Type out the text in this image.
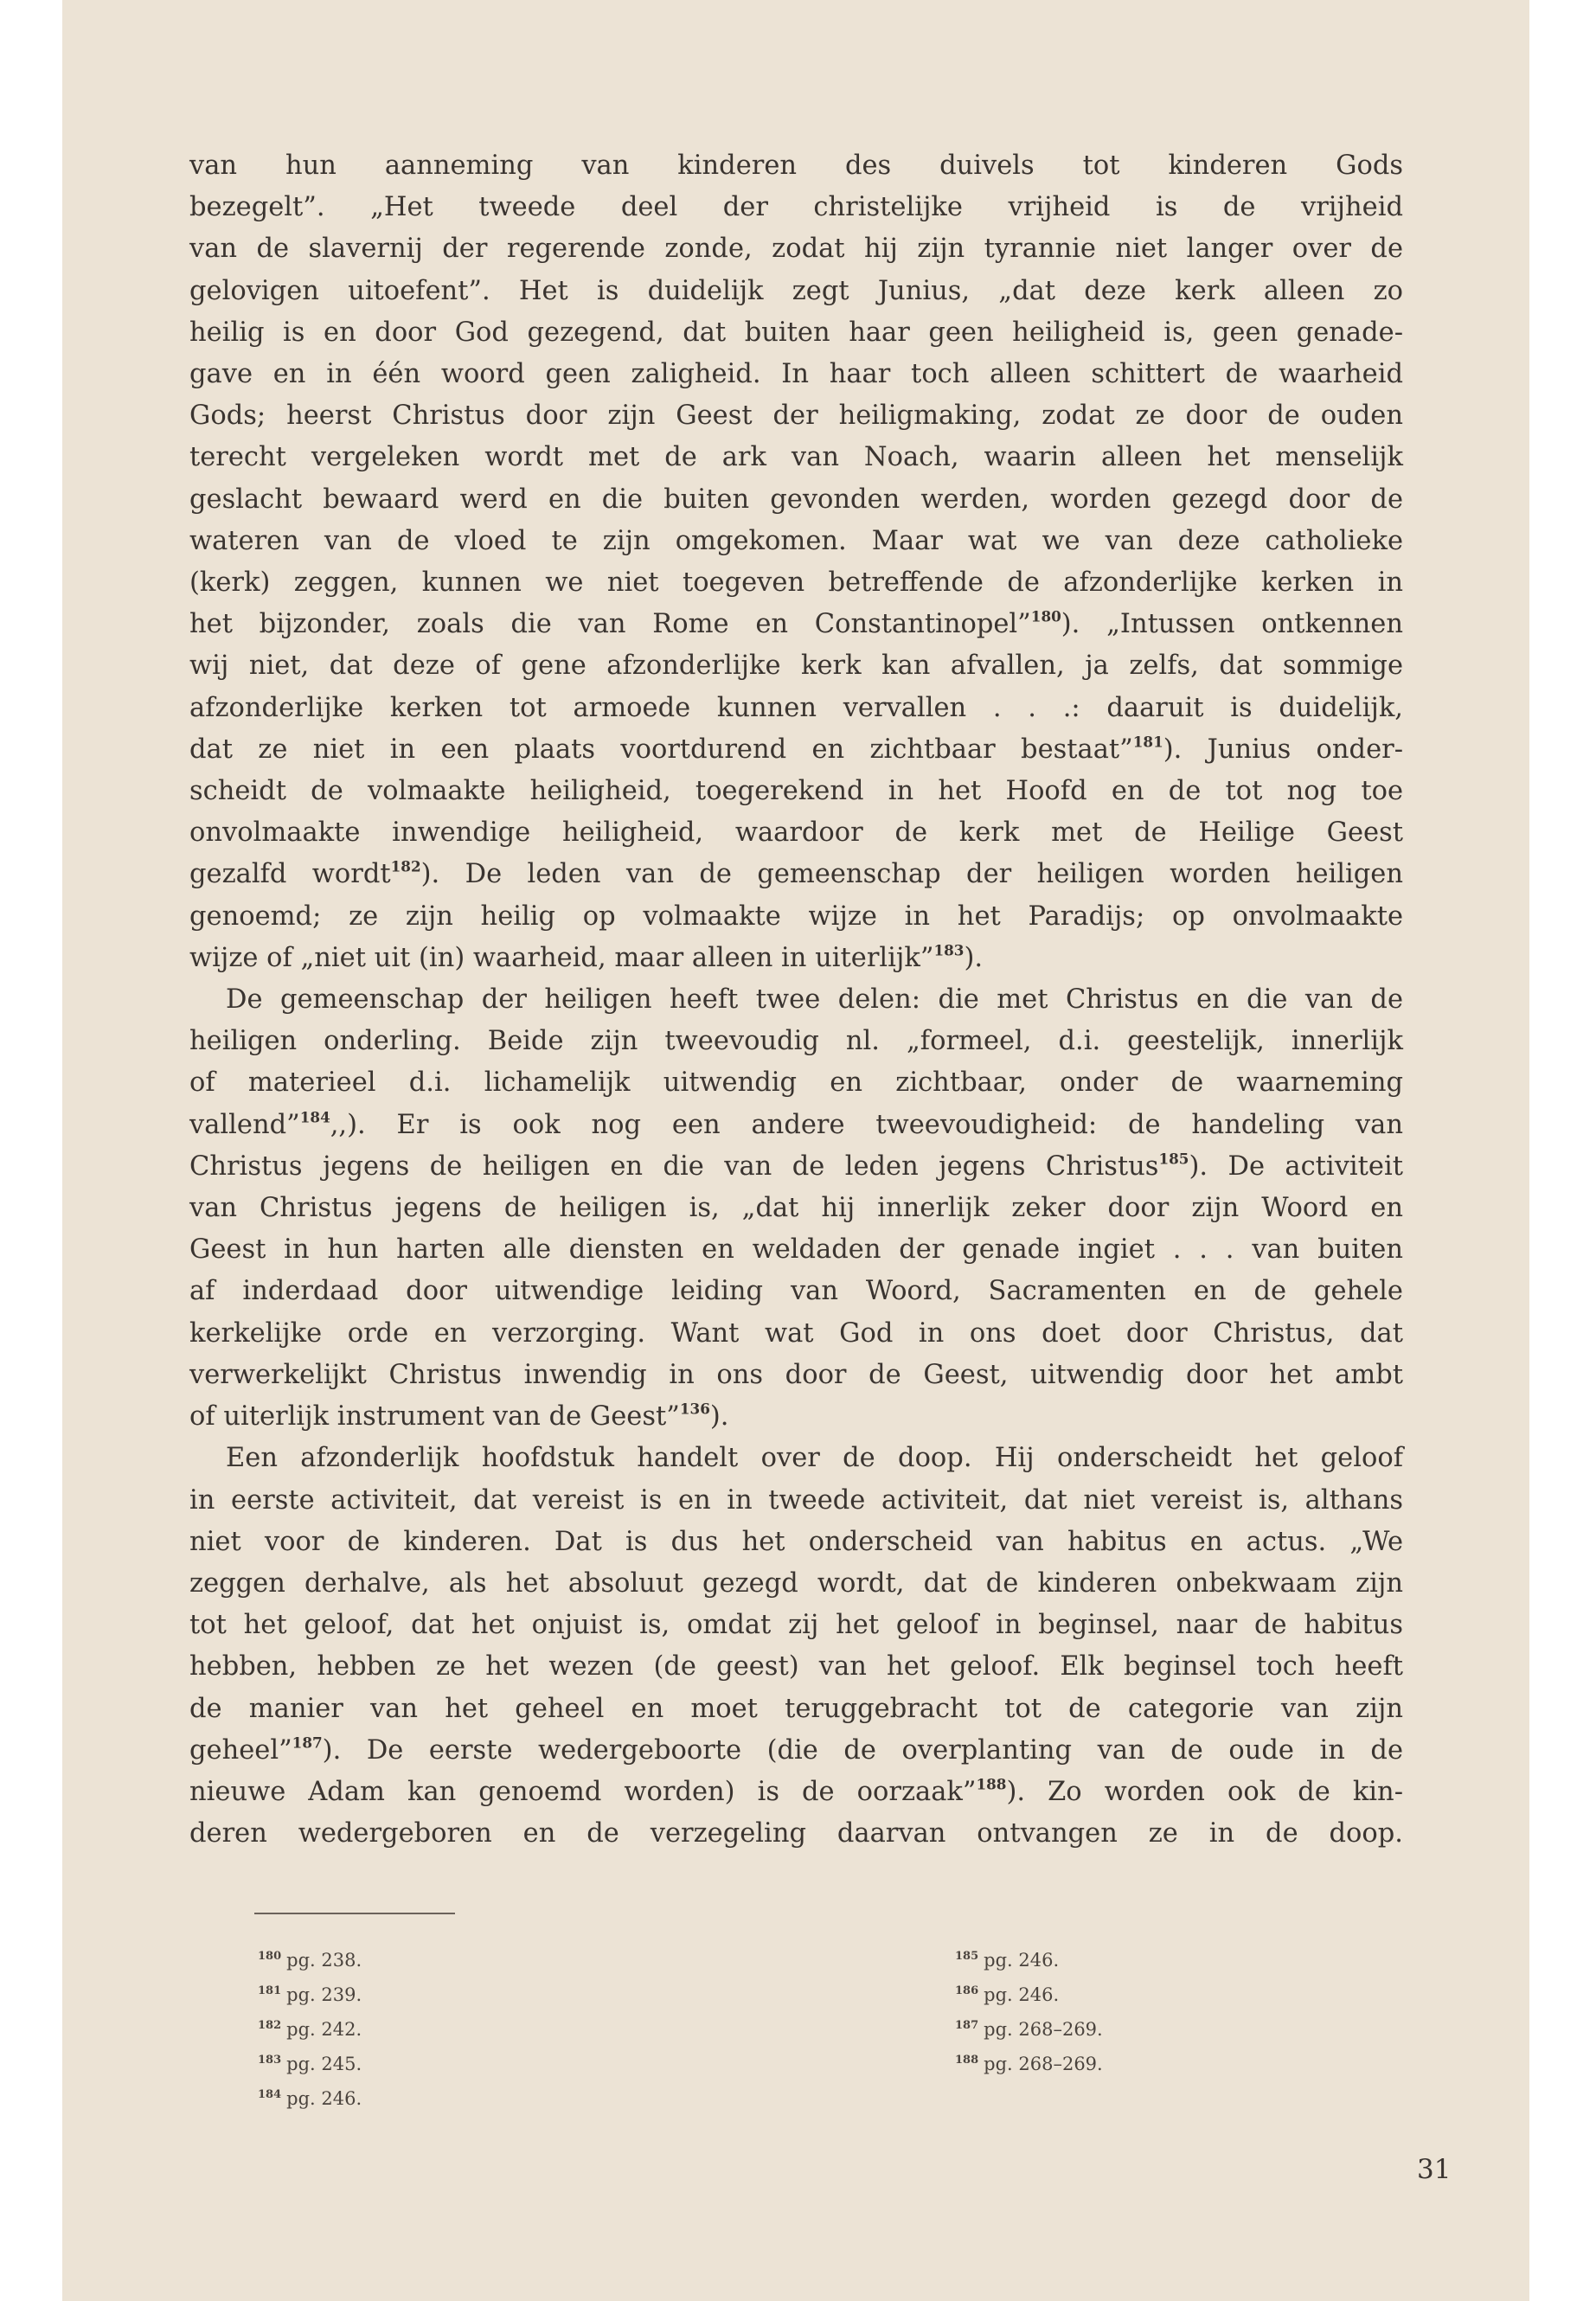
van hun aanneming van kinderen des duivels tot kinderen Gods
bezegelt”. „Het tweede deel der christelijke vrijheid is de vrijheid
van de slavernij der regerende zonde, zodat hij zijn tyrannie niet langer over de
gelovigen uitoefent”. Het is duidelijk zegt Junius, „dat deze kerk alleen zo
heilig is en door God gezegend, dat buiten haar geen heiligheid is, geen genade-
gave en in één woord geen zaligheid. In haar toch alleen schittert de waarheid
Gods; heerst Christus door zijn Geest der heiligmaking, zodat ze door de ouden
terecht vergeleken wordt met de ark van Noach, waarin alleen het menselijk
geslacht bewaard werd en die buiten gevonden werden, worden gezegd door de
wateren van de vloed te zijn omgekomen. Maar wat we van deze catholieke
(kerk) zeggen, kunnen we niet toegeven betreffende de afzonderlijke kerken in
het bijzonder, zoals die van Rome en Constantinopel”$^{180}$). „Intussen ontkennen
wij niet, dat deze of gene afzonderlijke kerk kan afvallen, ja zelfs, dat sommige
afzonderlijke kerken tot armoede kunnen vervallen . . .: daaruit is duidelijk,
dat ze niet in een plaats voortdurend en zichtbaar bestaat”$^{181}$). Junius onder-
scheidt de volmaakte heiligheid, toegerekend in het Hoofd en de tot nog toe
onvolmaakte inwendige heiligheid, waardoor de kerk met de Heilige Geest
gezalfd wordt$^{182}$). De leden van de gemeenschap der heiligen worden heiligen
genoemd; ze zijn heilig op volmaakte wijze in het Paradijs; op onvolmaakte
wijze of „niet uit (in) waarheid, maar alleen in uiterlijk”$^{183}$).
De gemeenschap der heiligen heeft twee delen: die met Christus en die van de
heiligen onderling. Beide zijn tweevoudig nl. „formeel, d.i. geestelijk, innerlijk
of materieel d.i. lichamelijk uitwendig en zichtbaar, onder de waarneming
vallend”$^{184}$,,). Er is ook nog een andere tweevoudigheid: de handeling van
Christus jegens de heiligen en die van de leden jegens Christus$^{185}$). De activiteit
van Christus jegens de heiligen is, „dat hij innerlijk zeker door zijn Woord en
Geest in hun harten alle diensten en weldaden der genade ingiet . . . van buiten
af inderdaad door uitwendige leiding van Woord, Sacramenten en de gehele
kerkelijke orde en verzorging. Want wat God in ons doet door Christus, dat
verwerkelijkt Christus inwendig in ons door de Geest, uitwendig door het ambt
of uiterlijk instrument van de Geest”$^{136}$).
Een afzonderlijk hoofdstuk handelt over de doop. Hij onderscheidt het geloof
in eerste activiteit, dat vereist is en in tweede activiteit, dat niet vereist is, althans
niet voor de kinderen. Dat is dus het onderscheid van habitus en actus. „We
zeggen derhalve, als het absoluut gezegd wordt, dat de kinderen onbekwaam zijn
tot het geloof, dat het onjuist is, omdat zij het geloof in beginsel, naar de habitus
hebben, hebben ze het wezen (de geest) van het geloof. Elk beginsel toch heeft
de manier van het geheel en moet teruggebracht tot de categorie van zijn
geheel”$^{187}$). De eerste wedergeboorte (die de overplanting van de oude in de
nieuwe Adam kan genoemd worden) is de oorzaak”$^{188}$). Zo worden ook de kin-
deren wedergeboren en de verzegeling daarvan ontvangen ze in de doop.
$^{180}$ pg. 238.
$^{181}$ pg. 239.
$^{182}$ pg. 242.
$^{183}$ pg. 245.
$^{184}$ pg. 246.
$^{185}$ pg. 246.
$^{186}$ pg. 246.
$^{187}$ pg. 268–269.
$^{188}$ pg. 268–269.
31
